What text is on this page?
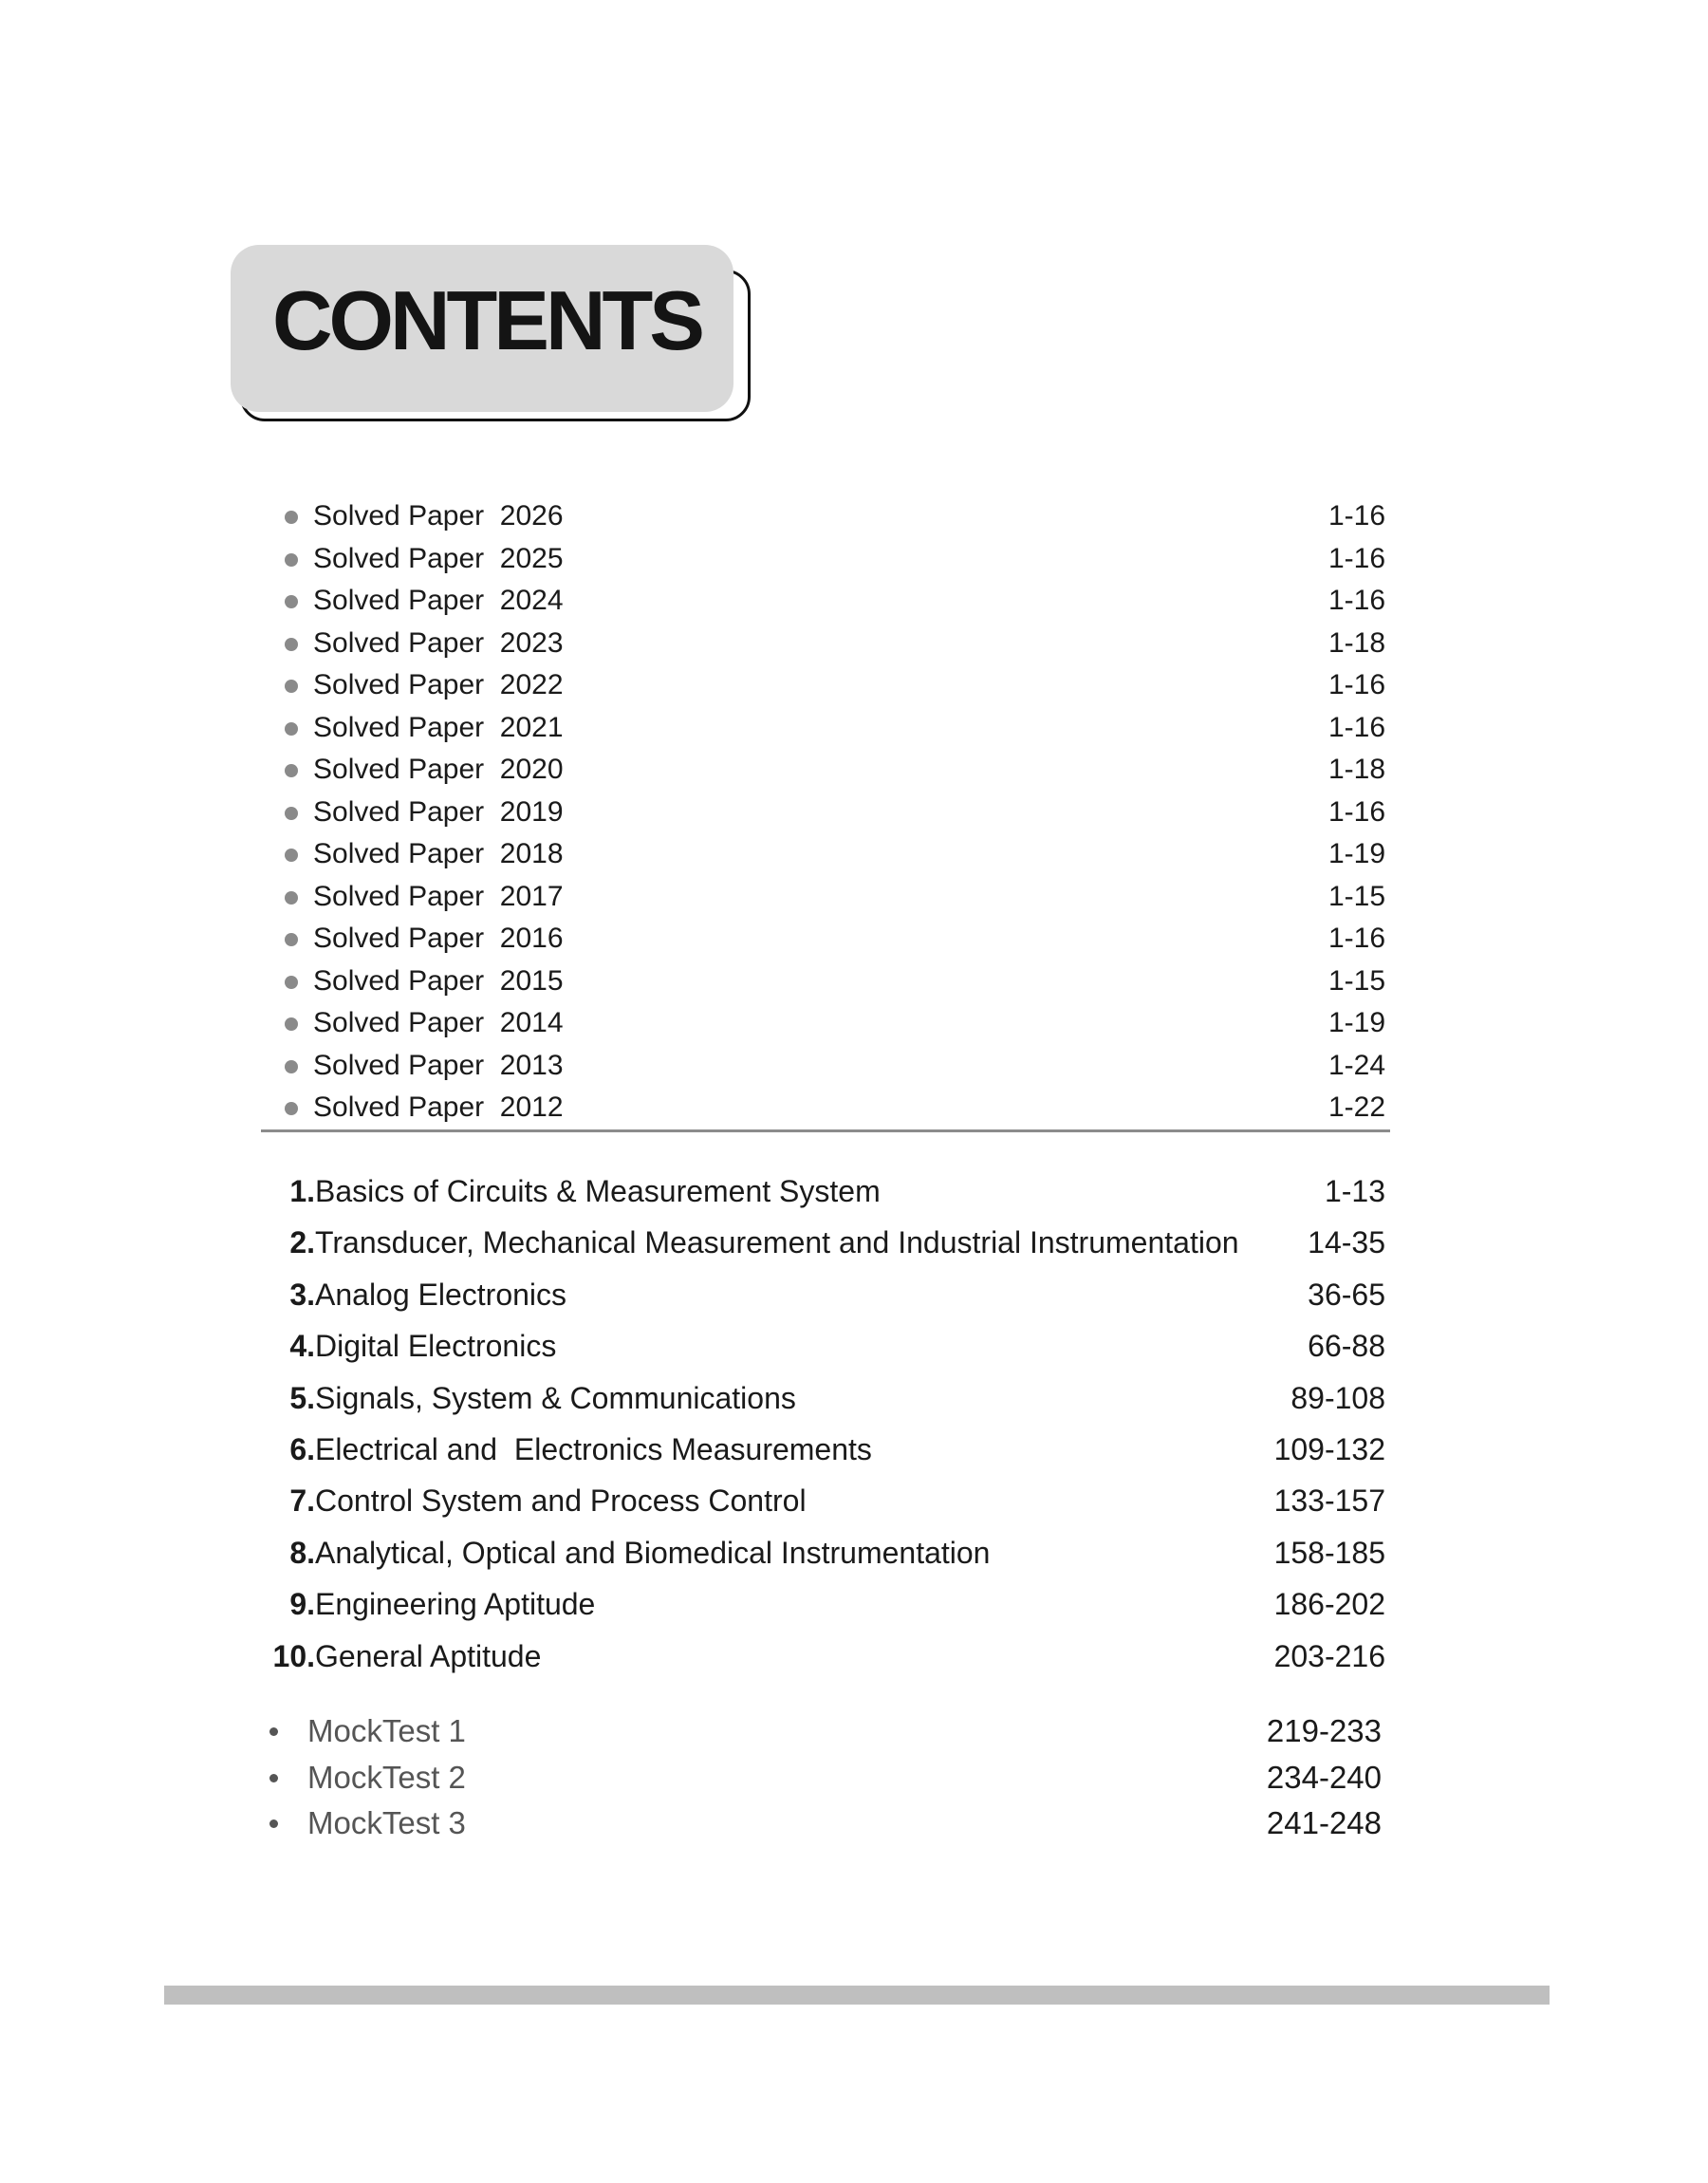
CONTENTS
Solved Paper  2026	1-16
Solved Paper  2025	1-16
Solved Paper  2024	1-16
Solved Paper  2023	1-18
Solved Paper  2022	1-16
Solved Paper  2021	1-16
Solved Paper  2020	1-18
Solved Paper  2019	1-16
Solved Paper  2018	1-19
Solved Paper  2017	1-15
Solved Paper  2016	1-16
Solved Paper  2015	1-15
Solved Paper  2014	1-19
Solved Paper  2013	1-24
Solved Paper  2012	1-22
1. Basics of Circuits & Measurement System	1-13
2. Transducer, Mechanical Measurement and Industrial Instrumentation 14-35
3. Analog Electronics	36-65
4. Digital Electronics	66-88
5. Signals, System & Communications	89-108
6. Electrical and  Electronics Measurements	109-132
7. Control System and Process Control	133-157
8. Analytical, Optical and Biomedical Instrumentation	158-185
9. Engineering Aptitude	186-202
10. General Aptitude	203-216
MockTest 1	219-233
MockTest 2	234-240
MockTest 3	241-248
